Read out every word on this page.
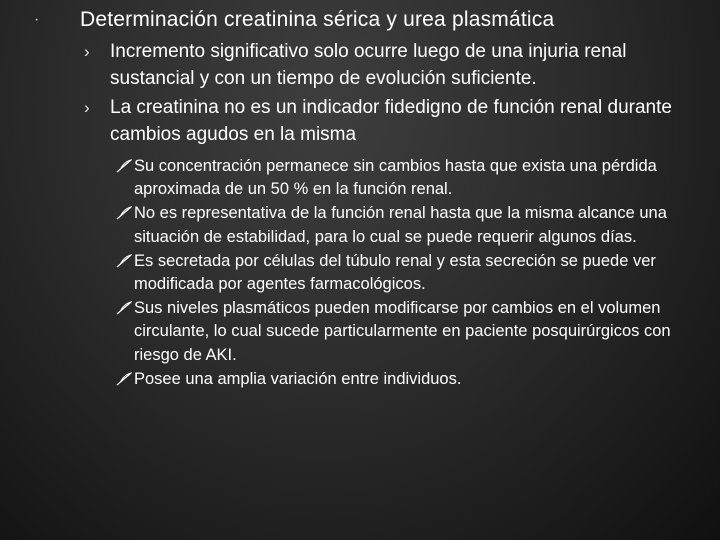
·	Determinación creatinina sérica y urea plasmática
›	Incremento significativo solo ocurre luego de una injuria renal sustancial y con un tiempo de evolución suficiente.
›	La creatinina no es un indicador fidedigno de función renal durante cambios agudos en la misma
Su concentración permanece sin cambios hasta que exista una pérdida aproximada de un 50 % en la función renal.
No es representativa de la función renal hasta que la misma alcance una situación de estabilidad, para lo cual se puede requerir algunos días.
Es secretada por células del túbulo renal y esta secreción se puede ver modificada por agentes farmacológicos.
Sus niveles plasmáticos pueden modificarse por cambios en el volumen circulante, lo cual sucede particularmente en paciente posquirúrgicos con riesgo de AKI.
Posee una amplia variación entre individuos.
